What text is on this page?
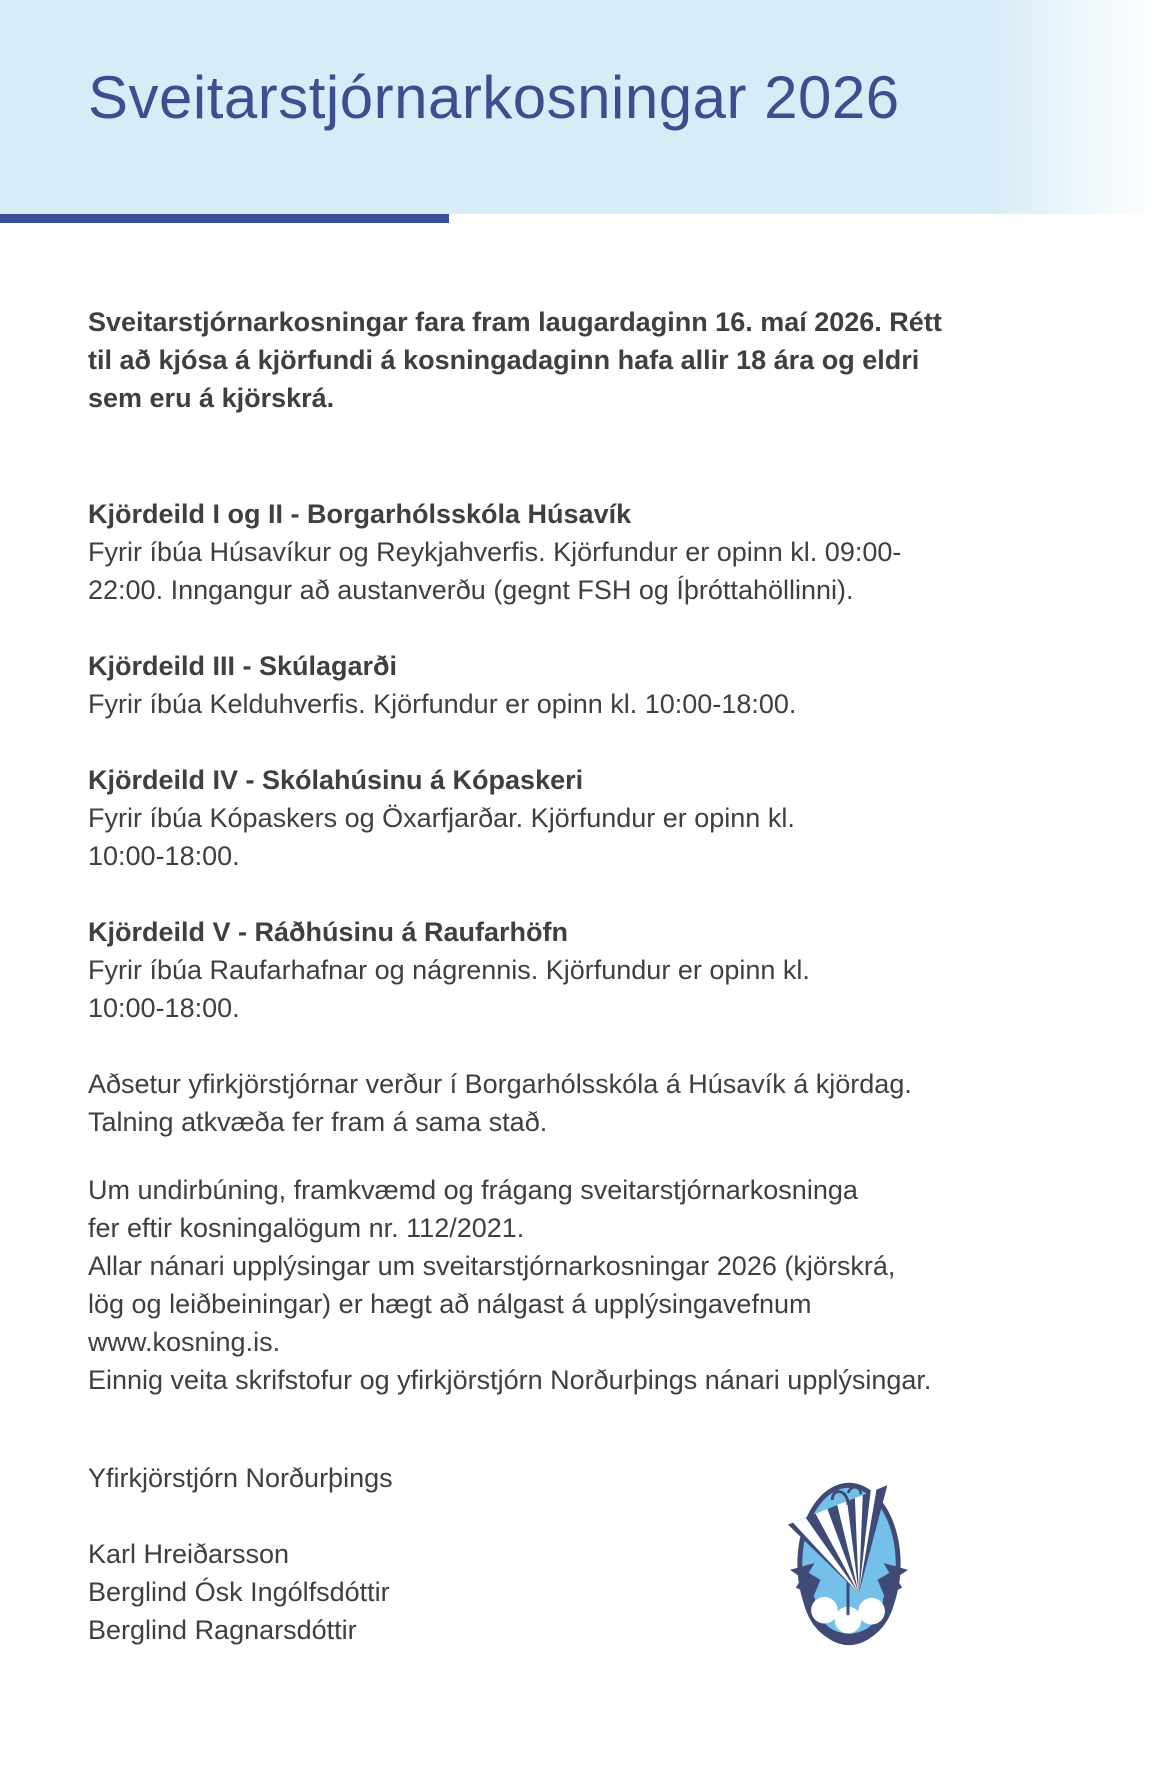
Sveitarstjórnarkosningar 2026
Sveitarstjórnarkosningar fara fram laugardaginn 16. maí 2026. Rétt
til að kjósa á kjörfundi á kosningadaginn hafa allir 18 ára og eldri
sem eru á kjörskrá.
Kjördeild I og II - Borgarhólsskóla Húsavík
Fyrir íbúa Húsavíkur og Reykjahverfis. Kjörfundur er opinn kl. 09:00-
22:00. Inngangur að austanverðu (gegnt FSH og Íþróttahöllinni).
Kjördeild III - Skúlagarði
Fyrir íbúa Kelduhverfis. Kjörfundur er opinn kl. 10:00-18:00.
Kjördeild IV - Skólahúsinu á Kópaskeri
Fyrir íbúa Kópaskers og Öxarfjarðar. Kjörfundur er opinn kl.
10:00-18:00.
Kjördeild V - Ráðhúsinu á Raufarhöfn
Fyrir íbúa Raufarhafnar og nágrennis. Kjörfundur er opinn kl.
10:00-18:00.
Aðsetur yfirkjörstjórnar verður í Borgarhólsskóla á Húsavík á kjördag.
Talning atkvæða fer fram á sama stað.
Um undirbúning, framkvæmd og frágang sveitarstjórnarkosninga
fer eftir kosningalögum nr. 112/2021.
Allar nánari upplýsingar um sveitarstjórnarkosningar 2026 (kjörskrá,
lög og leiðbeiningar) er hægt að nálgast á upplýsingavefnum
www.kosning.is.
Einnig veita skrifstofur og yfirkjörstjórn Norðurþings nánari upplýsingar.
Yfirkjörstjórn Norðurþings
Karl Hreiðarsson
Berglind Ósk Ingólfsdóttir
Berglind Ragnarsdóttir
